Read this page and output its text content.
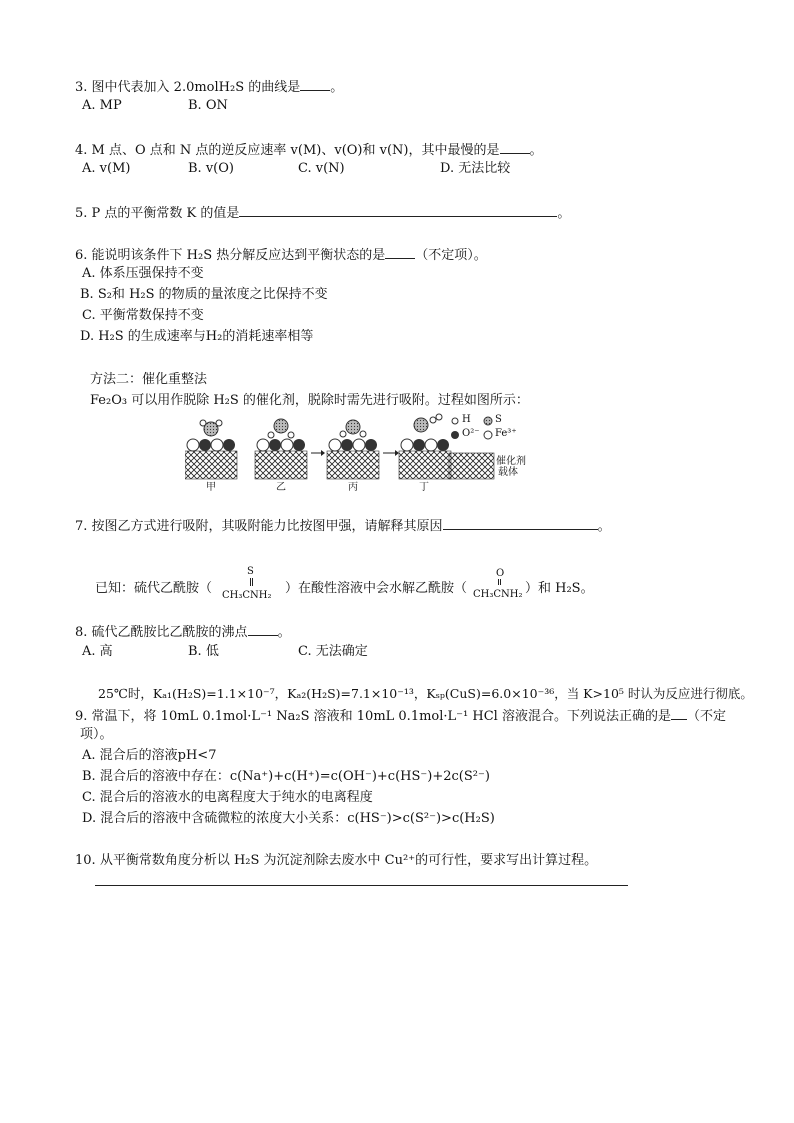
3. 图中代表加入 2.0molH₂S 的曲线是 。
A. MP	B. ON
4. M 点、O 点和 N 点的逆反应速率 v(M)、v(O)和 v(N)，其中最慢的是 。
A. v(M)	B. v(O)	C. v(N)	D. 无法比较
5. P 点的平衡常数 K 的值是	。
6. 能说明该条件下 H₂S 热分解反应达到平衡状态的是 （不定项）。
A. 体系压强保持不变
B. S₂和 H₂S 的物质的量浓度之比保持不变
C. 平衡常数保持不变
D. H₂S 的生成速率与H₂的消耗速率相等
方法二：催化重整法
Fe₂O₃ 可以用作脱除 H₂S 的催化剂，脱除时需先进行吸附。过程如图所示：
H S
O²⁻ Fe³⁺
催化剂
载体
甲	乙	丙	丁
7. 按图乙方式进行吸附，其吸附能力比按图甲强，请解释其原因	。
已知：硫代乙酰胺（
S
CH₃CNH₂ ）在酸性溶液中会水解乙酰胺（
O
CH₃CNH₂ ）和 H₂S。
8. 硫代乙酰胺比乙酰胺的沸点 。
A. 高	B. 低	C. 无法确定
25℃时，Kₐ₁(H₂S)=1.1×10⁻⁷，Kₐ₂(H₂S)=7.1×10⁻¹³，Kₛₚ(CuS)=6.0×10⁻³⁶，当 K>10⁵ 时认为反应进行彻底。
9. 常温下，将 10mL 0.1mol·L⁻¹ Na₂S 溶液和 10mL 0.1mol·L⁻¹ HCl 溶液混合。下列说法正确的是 （不定
项）。
A. 混合后的溶液pH<7
B. 混合后的溶液中存在：c(Na⁺)+c(H⁺)=c(OH⁻)+c(HS⁻)+2c(S²⁻)
C. 混合后的溶液水的电离程度大于纯水的电离程度
D. 混合后的溶液中含硫微粒的浓度大小关系：c(HS⁻)>c(S²⁻)>c(H₂S)
10. 从平衡常数角度分析以 H₂S 为沉淀剂除去废水中 Cu²⁺的可行性，要求写出计算过程。
